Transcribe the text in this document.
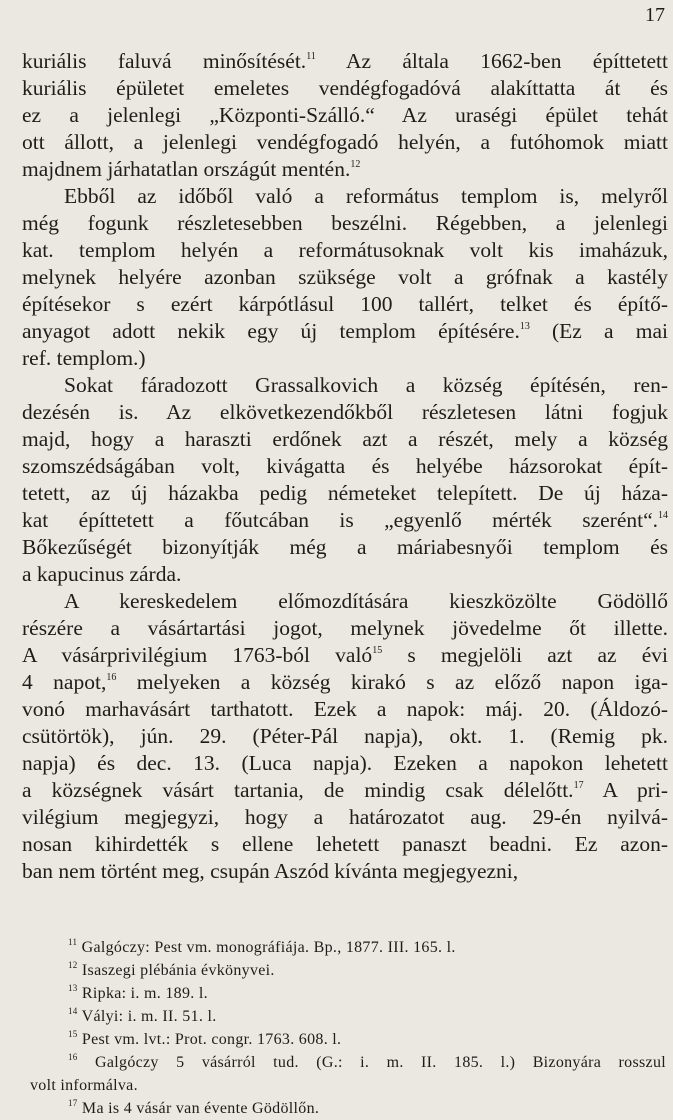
17
kuriális faluvá minősítését.$^{11}$ Az általa 1662-ben építtetett
kuriális épületet emeletes vendégfogadóvá alakíttatta át és
ez a jelenlegi „Központi-Szálló.“ Az uraségi épület tehát
ott állott, a jelenlegi vendégfogadó helyén, a futóhomok miatt
majdnem járhatatlan országút mentén.$^{12}$
Ebből az időből való a református templom is, melyről
még fogunk részletesebben beszélni. Régebben, a jelenlegi
kat. templom helyén a reformátusoknak volt kis imaházuk,
melynek helyére azonban szüksége volt a grófnak a kastély
építésekor s ezért kárpótlásul 100 tallért, telket és építő-
anyagot adott nekik egy új templom építésére.$^{13}$ (Ez a mai
ref. templom.)
Sokat fáradozott Grassalkovich a község építésén, ren-
dezésén is. Az elkövetkezendőkből részletesen látni fogjuk
majd, hogy a haraszti erdőnek azt a részét, mely a község
szomszédságában volt, kivágatta és helyébe házsorokat épít-
tetett, az új házakba pedig németeket telepített. De új háza-
kat építtetett a főutcában is „egyenlő mérték szerént“.$^{14}$
Bőkezűségét bizonyítják még a máriabesnyői templom és
a kapucinus zárda.
A kereskedelem előmozdítására kieszközölte Gödöllő
részére a vásártartási jogot, melynek jövedelme őt illette.
A vásárprivilégium 1763-ból való$^{15}$ s megjelöli azt az évi
4 napot,$^{16}$ melyeken a község kirakó s az előző napon iga-
vonó marhavásárt tarthatott. Ezek a napok: máj. 20. (Áldozó-
csütörtök), jún. 29. (Péter-Pál napja), okt. 1. (Remig pk.
napja) és dec. 13. (Luca napja). Ezeken a napokon lehetett
a községnek vásárt tartania, de mindig csak délelőtt.$^{17}$ A pri-
vilégium megjegyzi, hogy a határozatot aug. 29-én nyilvá-
nosan kihirdették s ellene lehetett panaszt beadni. Ez azon-
ban nem történt meg, csupán Aszód kívánta megjegyezni,
$^{11}$ Galgóczy: Pest vm. monográfiája. Bp., 1877. III. 165. l.
$^{12}$ Isaszegi plébánia évkönyvei.
$^{13}$ Ripka: i. m. 189. l.
$^{14}$ Vályi: i. m. II. 51. l.
$^{15}$ Pest vm. lvt.: Prot. congr. 1763. 608. l.
$^{16}$ Galgóczy 5 vásárról tud. (G.: i. m. II. 185. l.) Bizonyára rosszul
volt informálva.
$^{17}$ Ma is 4 vásár van évente Gödöllőn.
